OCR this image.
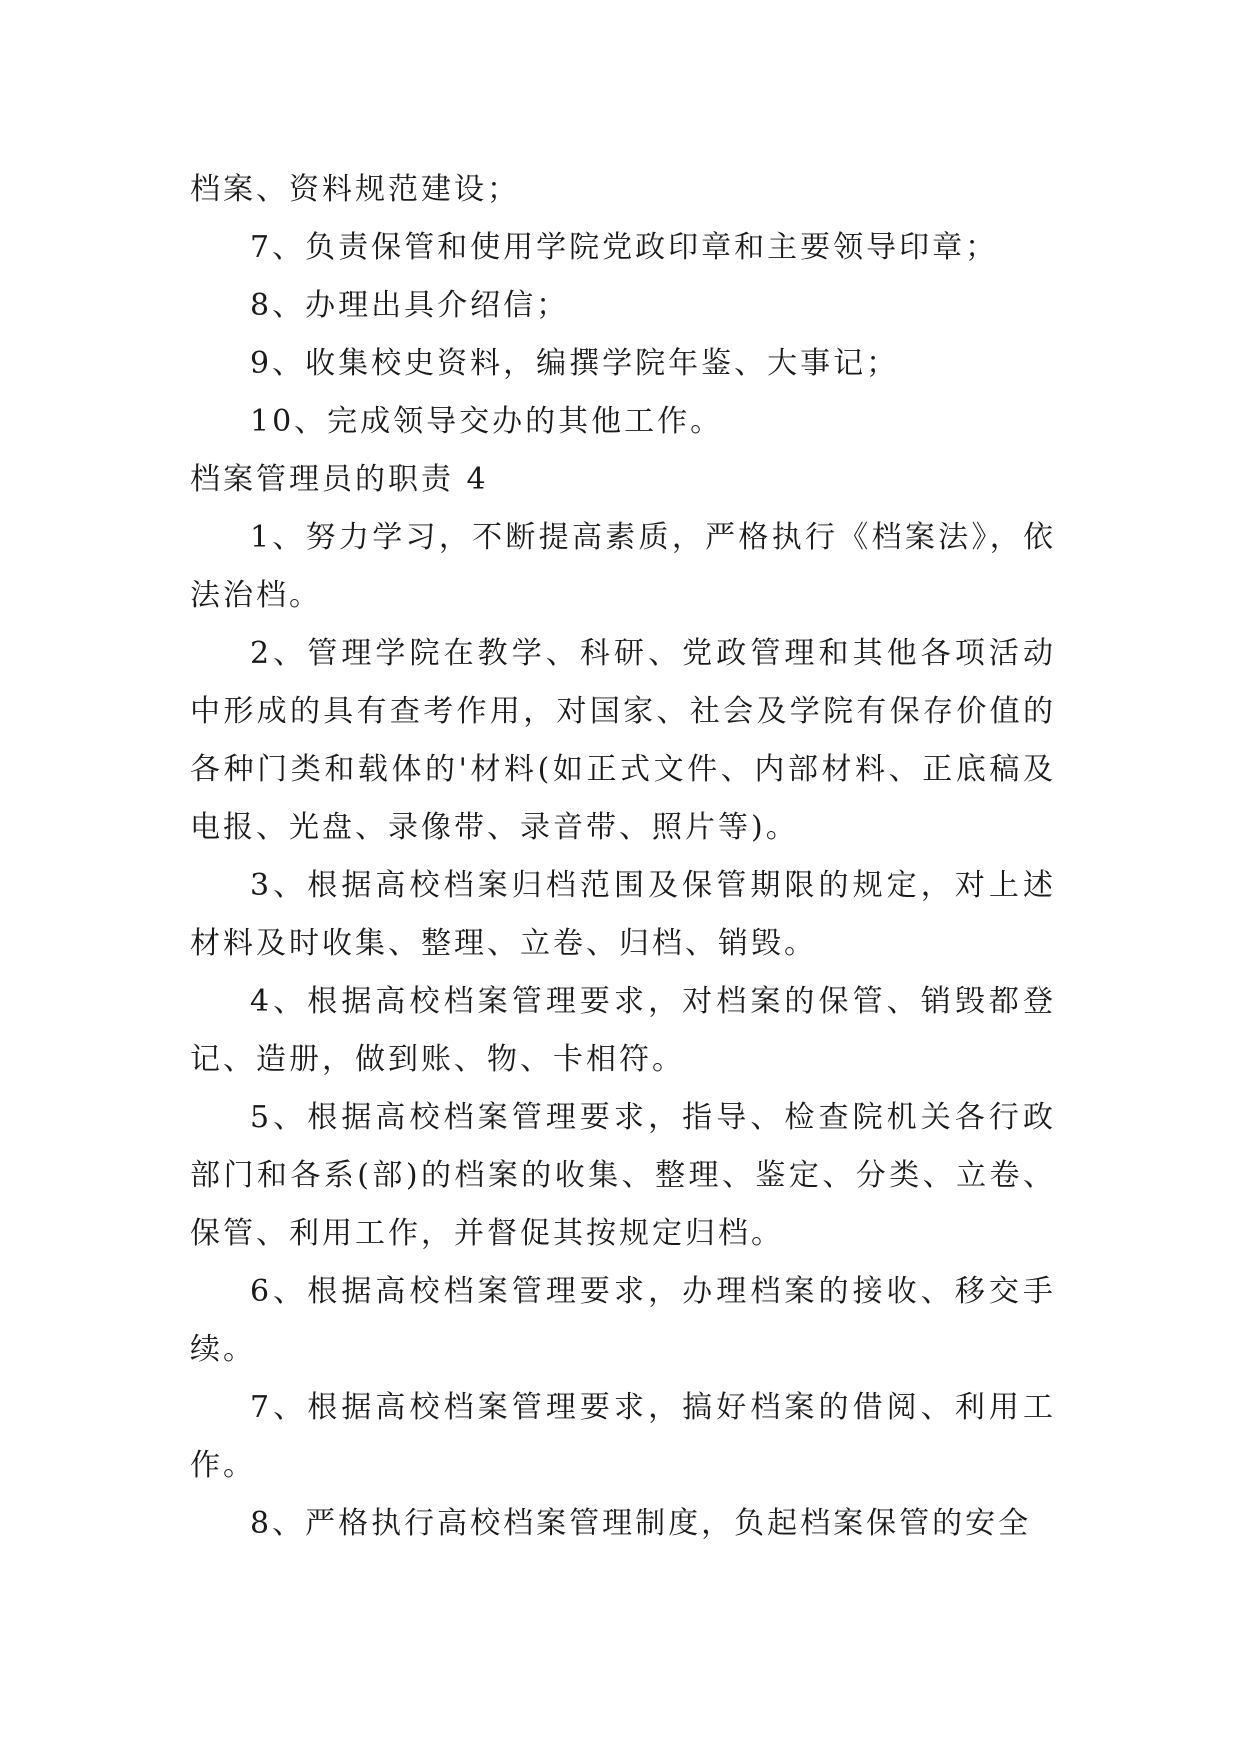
档案、资料规范建设；

7、负责保管和使用学院党政印章和主要领导印章；

8、办理出具介绍信；

9、收集校史资料，编撰学院年鉴、大事记；

10、完成领导交办的其他工作。

档案管理员的职责 4

1、努力学习，不断提高素质，严格执行《档案法》，依法治档。

2、管理学院在教学、科研、党政管理和其他各项活动中形成的具有查考作用，对国家、社会及学院有保存价值的各种门类和载体的'材料(如正式文件、内部材料、正底稿及电报、光盘、录像带、录音带、照片等)。

3、根据高校档案归档范围及保管期限的规定，对上述材料及时收集、整理、立卷、归档、销毁。

4、根据高校档案管理要求，对档案的保管、销毁都登记、造册，做到账、物、卡相符。

5、根据高校档案管理要求，指导、检查院机关各行政部门和各系(部)的档案的收集、整理、鉴定、分类、立卷、保管、利用工作，并督促其按规定归档。

6、根据高校档案管理要求，办理档案的接收、移交手续。

7、根据高校档案管理要求，搞好档案的借阅、利用工作。

8、严格执行高校档案管理制度，负起档案保管的安全
